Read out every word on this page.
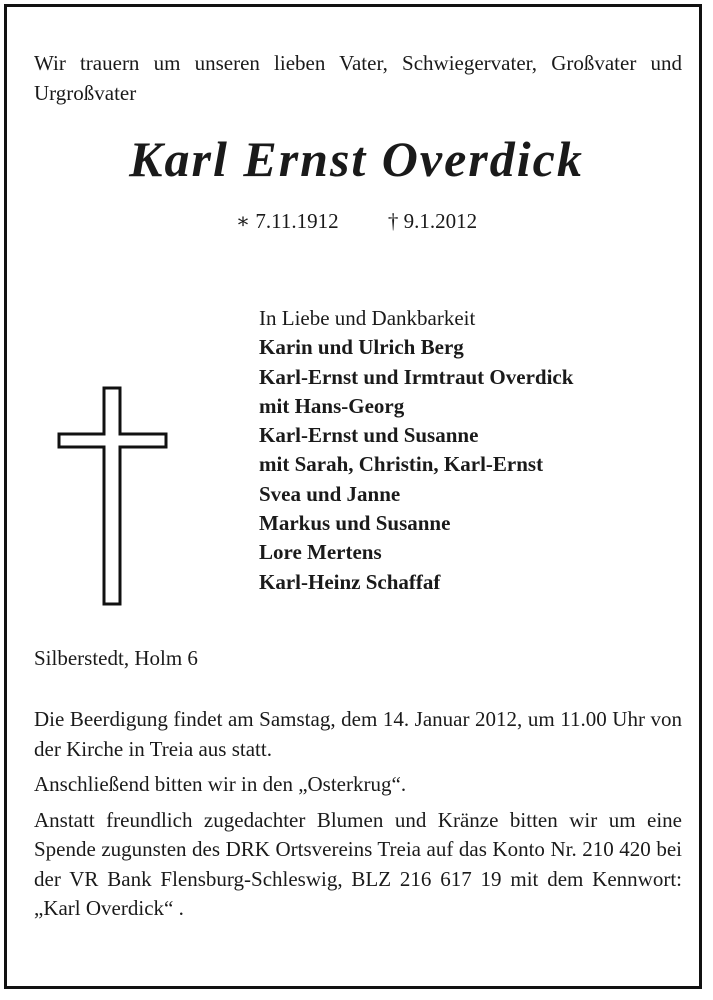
Wir trauern um unseren lieben Vater, Schwiegervater, Großvater und Urgroßvater
Karl Ernst Overdick
∗ 7.11.1912 † 9.1.2012
In Liebe und Dankbarkeit
Karin und Ulrich Berg
Karl-Ernst und Irmtraut Overdick
mit Hans-Georg
Karl-Ernst und Susanne
mit Sarah, Christin, Karl-Ernst
Svea und Janne
Markus und Susanne
Lore Mertens
Karl-Heinz Schaffaf
Silberstedt, Holm 6

Die Beerdigung findet am Samstag, dem 14. Januar 2012, um 11.00 Uhr von der Kirche in Treia aus statt.

Anschließend bitten wir in den „Osterkrug“.

Anstatt freundlich zugedachter Blumen und Kränze bitten wir um eine Spende zugunsten des DRK Ortsvereins Treia auf das Konto Nr. 210 420 bei der VR Bank Flensburg-Schleswig, BLZ 216 617 19 mit dem Kennwort: „Karl Overdick“ .
